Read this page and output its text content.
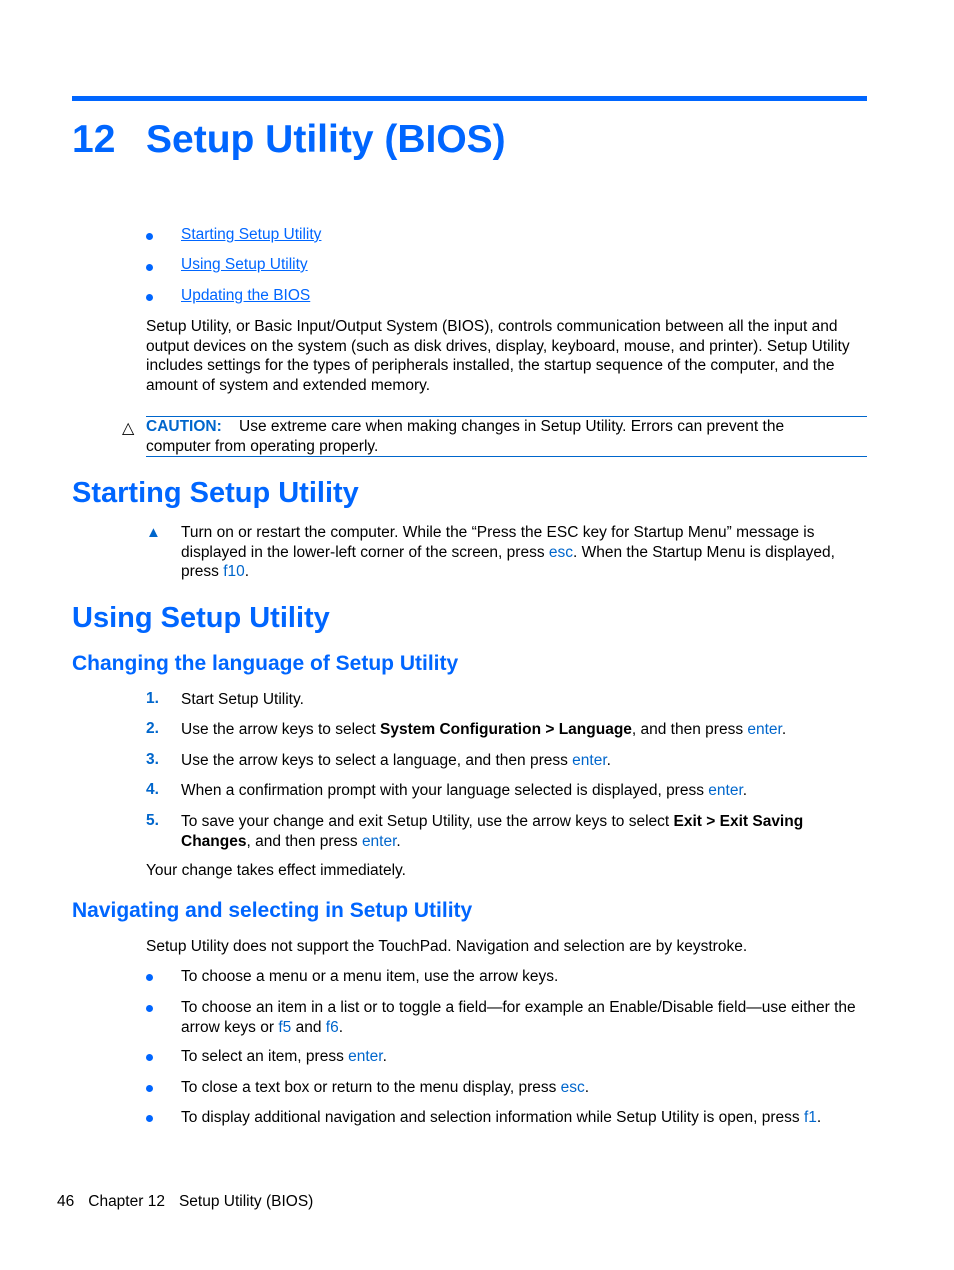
12 Setup Utility (BIOS)
Starting Setup Utility
Using Setup Utility
Updating the BIOS

Setup Utility, or Basic Input/Output System (BIOS), controls communication between all the input and output devices on the system (such as disk drives, display, keyboard, mouse, and printer). Setup Utility includes settings for the types of peripherals installed, the startup sequence of the computer, and the amount of system and extended memory.

△ CAUTION: Use extreme care when making changes in Setup Utility. Errors can prevent the computer from operating properly.
Starting Setup Utility
▲ Turn on or restart the computer. While the “Press the ESC key for Startup Menu” message is displayed in the lower-left corner of the screen, press esc. When the Startup Menu is displayed, press f10.
Using Setup Utility
Changing the language of Setup Utility
1. Start Setup Utility.
2. Use the arrow keys to select System Configuration > Language, and then press enter.
3. Use the arrow keys to select a language, and then press enter.
4. When a confirmation prompt with your language selected is displayed, press enter.
5. To save your change and exit Setup Utility, use the arrow keys to select Exit > Exit Saving Changes, and then press enter.

Your change takes effect immediately.

Navigating and selecting in Setup Utility

Setup Utility does not support the TouchPad. Navigation and selection are by keystroke.

To choose a menu or a menu item, use the arrow keys.
To choose an item in a list or to toggle a field—for example an Enable/Disable field—use either the arrow keys or f5 and f6.
To select an item, press enter.
To close a text box or return to the menu display, press esc.
To display additional navigation and selection information while Setup Utility is open, press f1.
46 Chapter 12 Setup Utility (BIOS)
